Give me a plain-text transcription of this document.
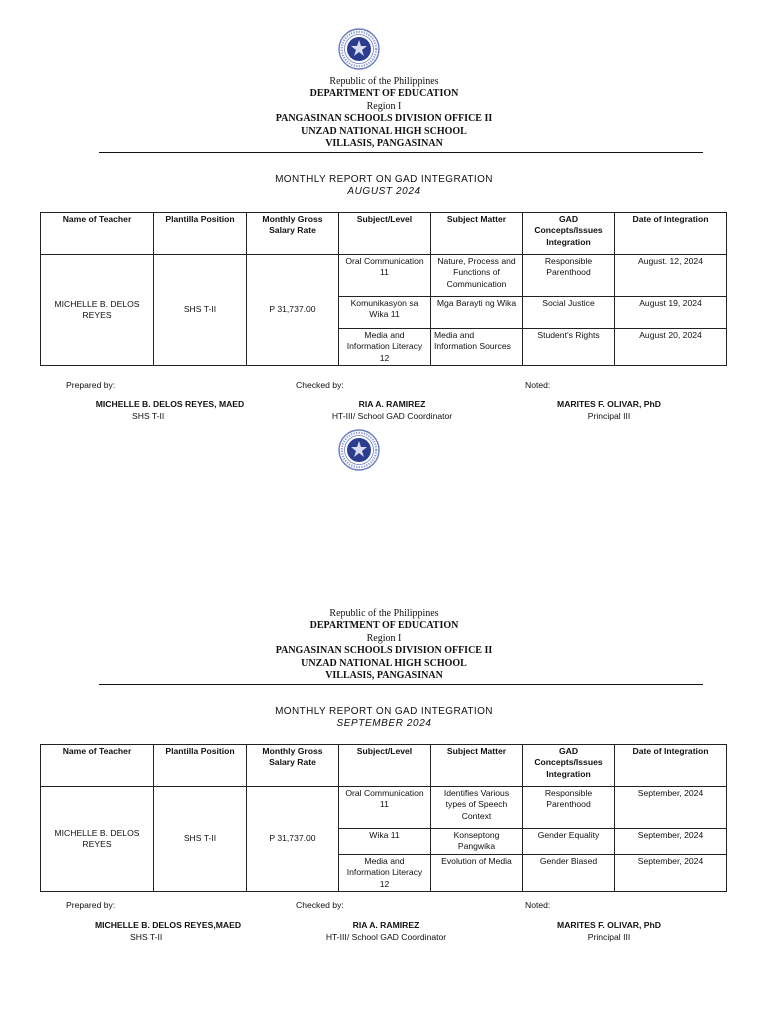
Republic of the Philippines
DEPARTMENT OF EDUCATION
Region I
PANGASINAN SCHOOLS DIVISION OFFICE II
UNZAD NATIONAL HIGH SCHOOL
VILLASIS, PANGASINAN
MONTHLY REPORT ON GAD INTEGRATION
AUGUST 2024
Name of Teacher	Plantilla Position	Monthly Gross Salary Rate	Subject/Level	Subject Matter	GAD Concepts/Issues Integration	Date of Integration
MICHELLE B. DELOS REYES	SHS T-II	P 31,737.00	Oral Communication 11	Nature, Process and Functions of Communication	Responsible Parenthood	August. 12, 2024
			Komunikasyon sa Wika 11	Mga Barayti ng Wika	Social Justice	August 19, 2024
			Media and Information Literacy 12	Media and Information Sources	Student's Rights	August 20, 2024
Prepared by:	Checked by:	Noted:
MICHELLE B. DELOS REYES, MAED
SHS T-II
RIA A. RAMIREZ
HT-III/ School GAD Coordinator
MARITES F. OLIVAR, PhD
Principal III
Republic of the Philippines
DEPARTMENT OF EDUCATION
Region I
PANGASINAN SCHOOLS DIVISION OFFICE II
UNZAD NATIONAL HIGH SCHOOL
VILLASIS, PANGASINAN
MONTHLY REPORT ON GAD INTEGRATION
SEPTEMBER 2024
Name of Teacher	Plantilla Position	Monthly Gross Salary Rate	Subject/Level	Subject Matter	GAD Concepts/Issues Integration	Date of Integration
MICHELLE B. DELOS REYES	SHS T-II	P 31,737.00	Oral Communication 11	Identifies Various types of Speech Context	Responsible Parenthood	September, 2024
			Wika 11	Konseptong Pangwika	Gender Equality	September, 2024
			Media and Information Literacy 12	Evolution of Media	Gender Biased	September, 2024
Prepared by:	Checked by:	Noted:
MICHELLE B. DELOS REYES,MAED
SHS T-II
RIA A. RAMIREZ
HT-III/ School GAD Coordinator
MARITES F. OLIVAR, PhD
Principal III
